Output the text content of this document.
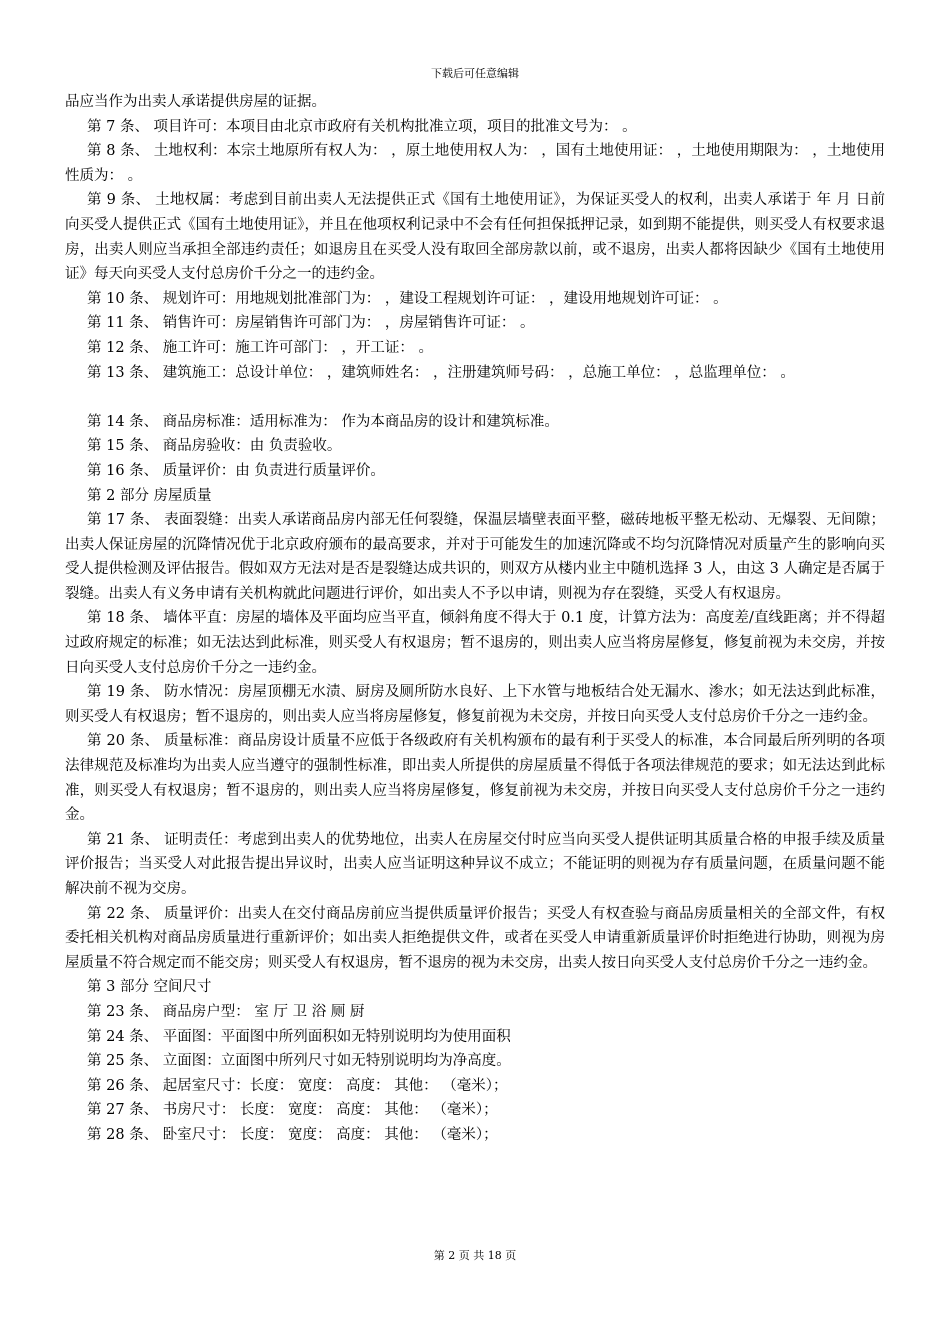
下载后可任意编辑

品应当作为出卖人承诺提供房屋的证据。

第 7 条、 项目许可：本项目由北京市政府有关机构批准立项，项目的批准文号为： 。

第 8 条、 土地权利：本宗土地原所有权人为： ，原土地使用权人为： ，国有土地使用证： ，土地使用期限为： ，土地使用性质为： 。

第 9 条、 土地权属：考虑到目前出卖人无法提供正式《国有土地使用证》，为保证买受人的权利，出卖人承诺于 年 月 日前向买受人提供正式《国有土地使用证》，并且在他项权利记录中不会有任何担保抵押记录，如到期不能提供，则买受人有权要求退房，出卖人则应当承担全部违约责任；如退房且在买受人没有取回全部房款以前，或不退房，出卖人都将因缺少《国有土地使用证》每天向买受人支付总房价千分之一的违约金。

第 10 条、 规划许可：用地规划批准部门为： ，建设工程规划许可证： ，建设用地规划许可证： 。

第 11 条、 销售许可：房屋销售许可部门为： ，房屋销售许可证： 。

第 12 条、 施工许可：施工许可部门： ，开工证： 。

第 13 条、 建筑施工：总设计单位： ，建筑师姓名： ，注册建筑师号码： ，总施工单位： ，总监理单位： 。

第 14 条、 商品房标准：适用标准为： 作为本商品房的设计和建筑标准。

第 15 条、 商品房验收：由 负责验收。

第 16 条、 质量评价：由 负责进行质量评价。

第 2 部分 房屋质量

第 17 条、 表面裂缝：出卖人承诺商品房内部无任何裂缝，保温层墙壁表面平整，磁砖地板平整无松动、无爆裂、无间隙；出卖人保证房屋的沉降情况优于北京政府颁布的最高要求，并对于可能发生的加速沉降或不均匀沉降情况对质量产生的影响向买受人提供检测及评估报告。假如双方无法对是否是裂缝达成共识的，则双方从楼内业主中随机选择 3 人，由这 3 人确定是否属于裂缝。出卖人有义务申请有关机构就此问题进行评价，如出卖人不予以申请，则视为存在裂缝，买受人有权退房。

第 18 条、 墙体平直：房屋的墙体及平面均应当平直，倾斜角度不得大于 0.1 度，计算方法为：高度差/直线距离；并不得超过政府规定的标准；如无法达到此标准，则买受人有权退房；暂不退房的，则出卖人应当将房屋修复，修复前视为未交房，并按日向买受人支付总房价千分之一违约金。

第 19 条、 防水情况：房屋顶棚无水渍、厨房及厕所防水良好、上下水管与地板结合处无漏水、渗水；如无法达到此标准，则买受人有权退房；暂不退房的，则出卖人应当将房屋修复，修复前视为未交房，并按日向买受人支付总房价千分之一违约金。

第 20 条、 质量标准：商品房设计质量不应低于各级政府有关机构颁布的最有利于买受人的标准，本合同最后所列明的各项法律规范及标准均为出卖人应当遵守的强制性标准，即出卖人所提供的房屋质量不得低于各项法律规范的要求；如无法达到此标准，则买受人有权退房；暂不退房的，则出卖人应当将房屋修复，修复前视为未交房，并按日向买受人支付总房价千分之一违约金。

第 21 条、 证明责任：考虑到出卖人的优势地位，出卖人在房屋交付时应当向买受人提供证明其质量合格的申报手续及质量评价报告；当买受人对此报告提出异议时，出卖人应当证明这种异议不成立；不能证明的则视为存有质量问题，在质量问题不能解决前不视为交房。

第 22 条、 质量评价：出卖人在交付商品房前应当提供质量评价报告；买受人有权查验与商品房质量相关的全部文件，有权委托相关机构对商品房质量进行重新评价；如出卖人拒绝提供文件，或者在买受人申请重新质量评价时拒绝进行协助，则视为房屋质量不符合规定而不能交房；则买受人有权退房，暂不退房的视为未交房，出卖人按日向买受人支付总房价千分之一违约金。

第 3 部分 空间尺寸

第 23 条、 商品房户型： 室 厅 卫 浴 厕 厨

第 24 条、 平面图：平面图中所列面积如无特别说明均为使用面积

第 25 条、 立面图：立面图中所列尺寸如无特别说明均为净高度。

第 26 条、 起居室尺寸：长度： 宽度： 高度： 其他： （毫米）；

第 27 条、 书房尺寸： 长度： 宽度： 高度： 其他： （毫米）；

第 28 条、 卧室尺寸： 长度： 宽度： 高度： 其他： （毫米）；

第 2 页 共 18 页
